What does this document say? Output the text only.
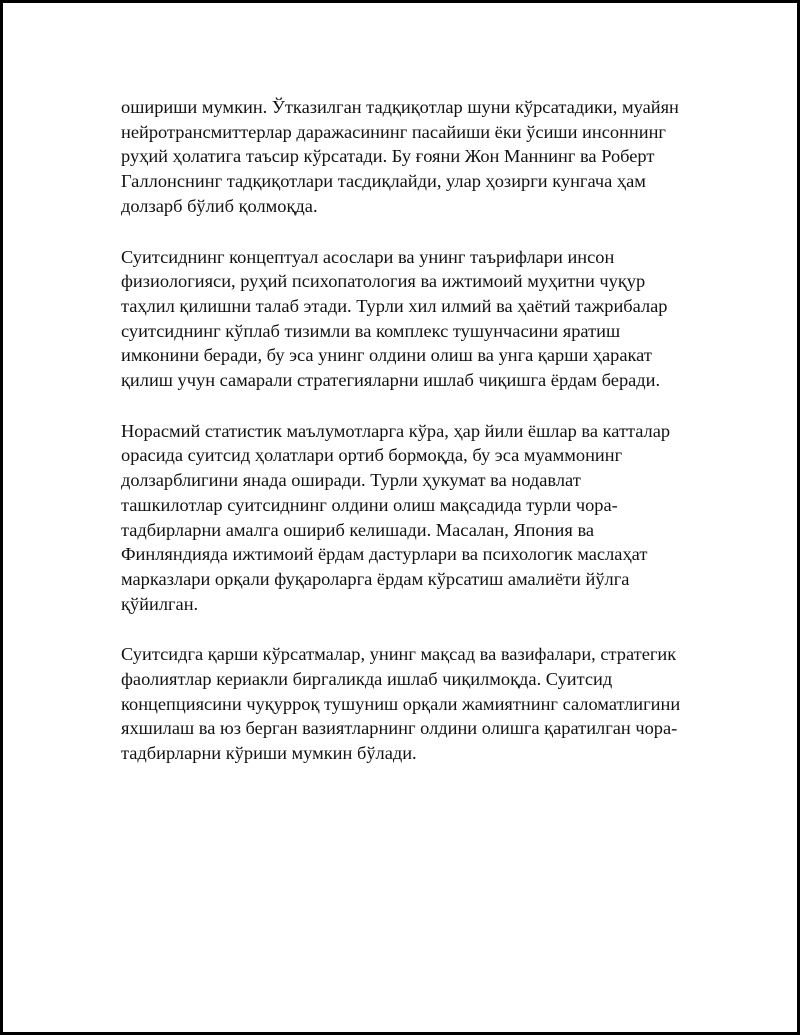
ошириши мумкин. Ўтказилган тадқиқотлар шуни кўрсатадики, муайян
нейротрансмиттерлар даражасининг пасайиши ёки ўсиши инсоннинг
руҳий ҳолатига таъсир кўрсатади. Бу ғояни Жон Маннинг ва Роберт
Галлонснинг тадқиқотлари тасдиқлайди, улар ҳозирги кунгача ҳам
долзарб бўлиб қолмоқда.

Суитсиднинг концептуал асослари ва унинг таърифлари инсон
физиологияси, руҳий психопатология ва ижтимоий муҳитни чуқур
таҳлил қилишни талаб этади. Турли хил илмий ва ҳаётий тажрибалар
суитсиднинг кўплаб тизимли ва комплекс тушунчасини яратиш
имконини беради, бу эса унинг олдини олиш ва унга қарши ҳаракат
қилиш учун самарали стратегияларни ишлаб чиқишга ёрдам беради.

Норасмий статистик маълумотларга кўра, ҳар йили ёшлар ва катталар
орасида суитсид ҳолатлари ортиб бормоқда, бу эса муаммонинг
долзарблигини янада оширади. Турли ҳукумат ва нодавлат
ташкилотлар суитсиднинг олдини олиш мақсадида турли чора-
тадбирларни амалга ошириб келишади. Масалан, Япония ва
Финляндияда ижтимоий ёрдам дастурлари ва психологик маслаҳат
марказлари орқали фуқароларга ёрдам кўрсатиш амалиёти йўлга
қўйилган.

Суитсидга қарши кўрсатмалар, унинг мақсад ва вазифалари, стратегик
фаолиятлар кериакли биргаликда ишлаб чиқилмоқда. Суитсид
концепциясини чуқурроқ тушуниш орқали жамиятнинг саломатлигини
яхшилаш ва юз берган вазиятларнинг олдини олишга қаратилган чора-
тадбирларни кўриши мумкин бўлади.
